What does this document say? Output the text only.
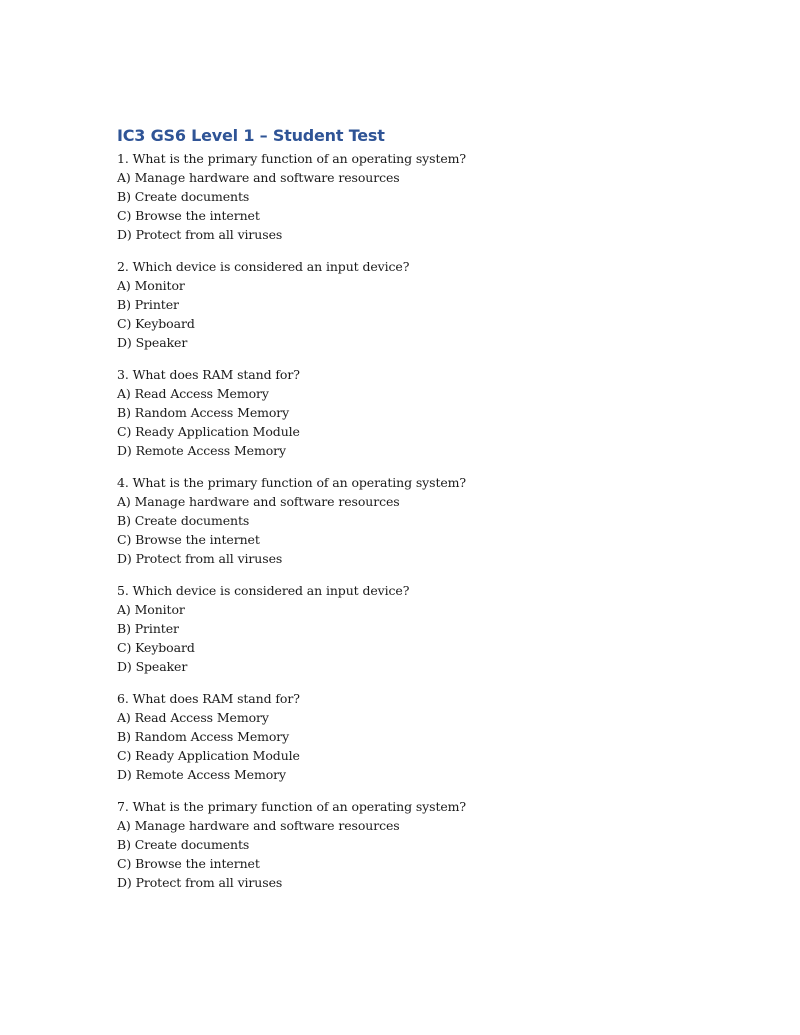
IC3 GS6 Level 1 – Student Test
1. What is the primary function of an operating system?
A) Manage hardware and software resources
B) Create documents
C) Browse the internet
D) Protect from all viruses
2. Which device is considered an input device?
A) Monitor
B) Printer
C) Keyboard
D) Speaker
3. What does RAM stand for?
A) Read Access Memory
B) Random Access Memory
C) Ready Application Module
D) Remote Access Memory
4. What is the primary function of an operating system?
A) Manage hardware and software resources
B) Create documents
C) Browse the internet
D) Protect from all viruses
5. Which device is considered an input device?
A) Monitor
B) Printer
C) Keyboard
D) Speaker
6. What does RAM stand for?
A) Read Access Memory
B) Random Access Memory
C) Ready Application Module
D) Remote Access Memory
7. What is the primary function of an operating system?
A) Manage hardware and software resources
B) Create documents
C) Browse the internet
D) Protect from all viruses
